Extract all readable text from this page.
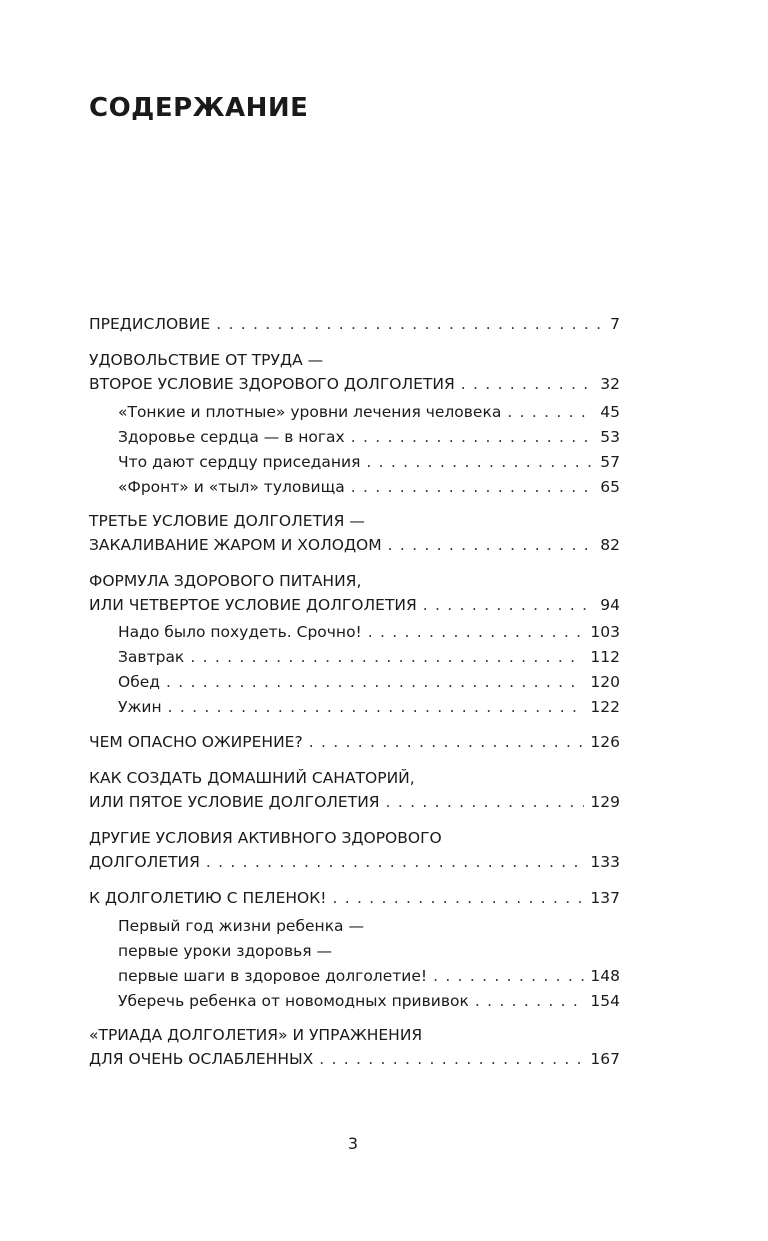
СОДЕРЖАНИЕ
ПРЕДИСЛОВИЕ . . .	7
УДОВОЛЬСТВИЕ ОТ ТРУДА —
ВТОРОЕ УСЛОВИЕ ЗДОРОВОГО ДОЛГОЛЕТИЯ . . .	32
«Тонкие и плотные» уровни лечения человека . . .	45
Здоровье сердца — в ногах . . .	53
Что дают сердцу приседания . . .	57
«Фронт» и «тыл» туловища . . .	65
ТРЕТЬЕ УСЛОВИЕ ДОЛГОЛЕТИЯ —
ЗАКАЛИВАНИЕ ЖАРОМ И ХОЛОДОМ . . .	82
ФОРМУЛА ЗДОРОВОГО ПИТАНИЯ,
ИЛИ ЧЕТВЕРТОЕ УСЛОВИЕ ДОЛГОЛЕТИЯ . . .	94
Надо было похудеть. Срочно! . . .	103
Завтрак . . .	112
Обед . . .	120
Ужин . . .	122
ЧЕМ ОПАСНО ОЖИРЕНИЕ? . . .	126
КАК СОЗДАТЬ ДОМАШНИЙ САНАТОРИЙ,
ИЛИ ПЯТОЕ УСЛОВИЕ ДОЛГОЛЕТИЯ . . .	129
ДРУГИЕ УСЛОВИЯ АКТИВНОГО ЗДОРОВОГО
ДОЛГОЛЕТИЯ . . .	133
К ДОЛГОЛЕТИЮ С ПЕЛЕНОК! . . .	137
Первый год жизни ребенка —
первые уроки здоровья —
первые шаги в здоровое долголетие! . . .	148
Уберечь ребенка от новомодных прививок . . .	154
«ТРИАДА ДОЛГОЛЕТИЯ» И УПРАЖНЕНИЯ
ДЛЯ ОЧЕНЬ ОСЛАБЛЕННЫХ . . .	167
3
